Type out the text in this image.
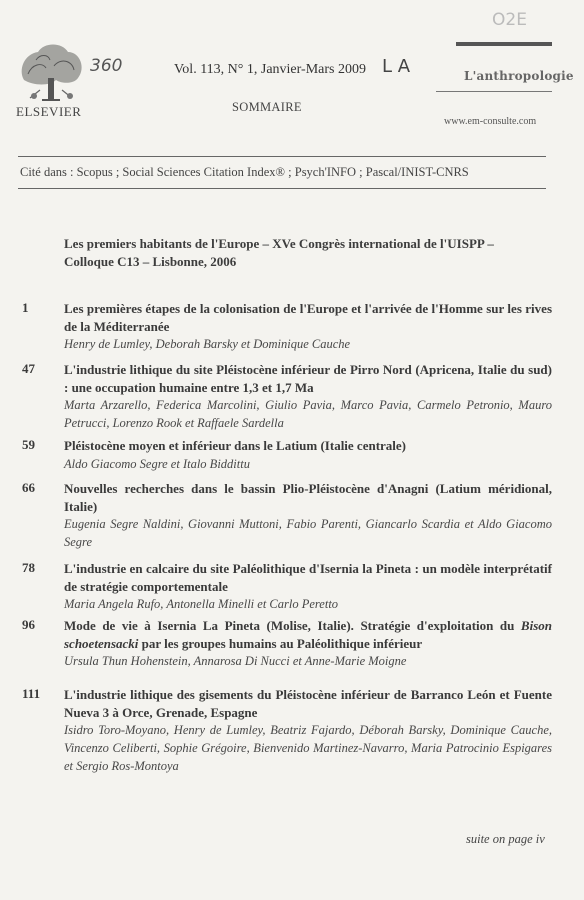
O2E
ELSEVIER
360	Vol. 113, N° 1, Janvier-Mars 2009 L A
SOMMAIRE
L'anthropologie
www.em-consulte.com
Cité dans : Scopus ; Social Sciences Citation Index® ; Psych'INFO ; Pascal/INIST-CNRS
Les premiers habitants de l'Europe – XVe Congrès international de l'UISPP – Colloque C13 – Lisbonne, 2006
1	Les premières étapes de la colonisation de l'Europe et l'arrivée de l'Homme sur les rives de la Méditerranée
Henry de Lumley, Deborah Barsky et Dominique Cauche
47 L'industrie lithique du site Pléistocène inférieur de Pirro Nord (Apricena, Italie du sud) : une occupation humaine entre 1,3 et 1,7 Ma
Marta Arzarello, Federica Marcolini, Giulio Pavia, Marco Pavia, Carmelo Petronio, Mauro Petrucci, Lorenzo Rook et Raffaele Sardella
59 Pléistocène moyen et inférieur dans le Latium (Italie centrale)
Aldo Giacomo Segre et Italo Biddittu
66 Nouvelles recherches dans le bassin Plio-Pléistocène d'Anagni (Latium méridional, Italie)
Eugenia Segre Naldini, Giovanni Muttoni, Fabio Parenti, Giancarlo Scardia et Aldo Giacomo Segre
78 L'industrie en calcaire du site Paléolithique d'Isernia la Pineta : un modèle interprétatif de stratégie comportementale
Maria Angela Rufo, Antonella Minelli et Carlo Peretto
96 Mode de vie à Isernia La Pineta (Molise, Italie). Stratégie d'exploitation du Bison schoetensacki par les groupes humains au Paléolithique inférieur
Ursula Thun Hohenstein, Annarosa Di Nucci et Anne-Marie Moigne
111 L'industrie lithique des gisements du Pléistocène inférieur de Barranco León et Fuente Nueva 3 à Orce, Grenade, Espagne
Isidro Toro-Moyano, Henry de Lumley, Beatriz Fajardo, Déborah Barsky, Dominique Cauche, Vincenzo Celiberti, Sophie Grégoire, Bienvenido Martinez-Navarro, Maria Patrocinio Espigares et Sergio Ros-Montoya
suite on page iv
